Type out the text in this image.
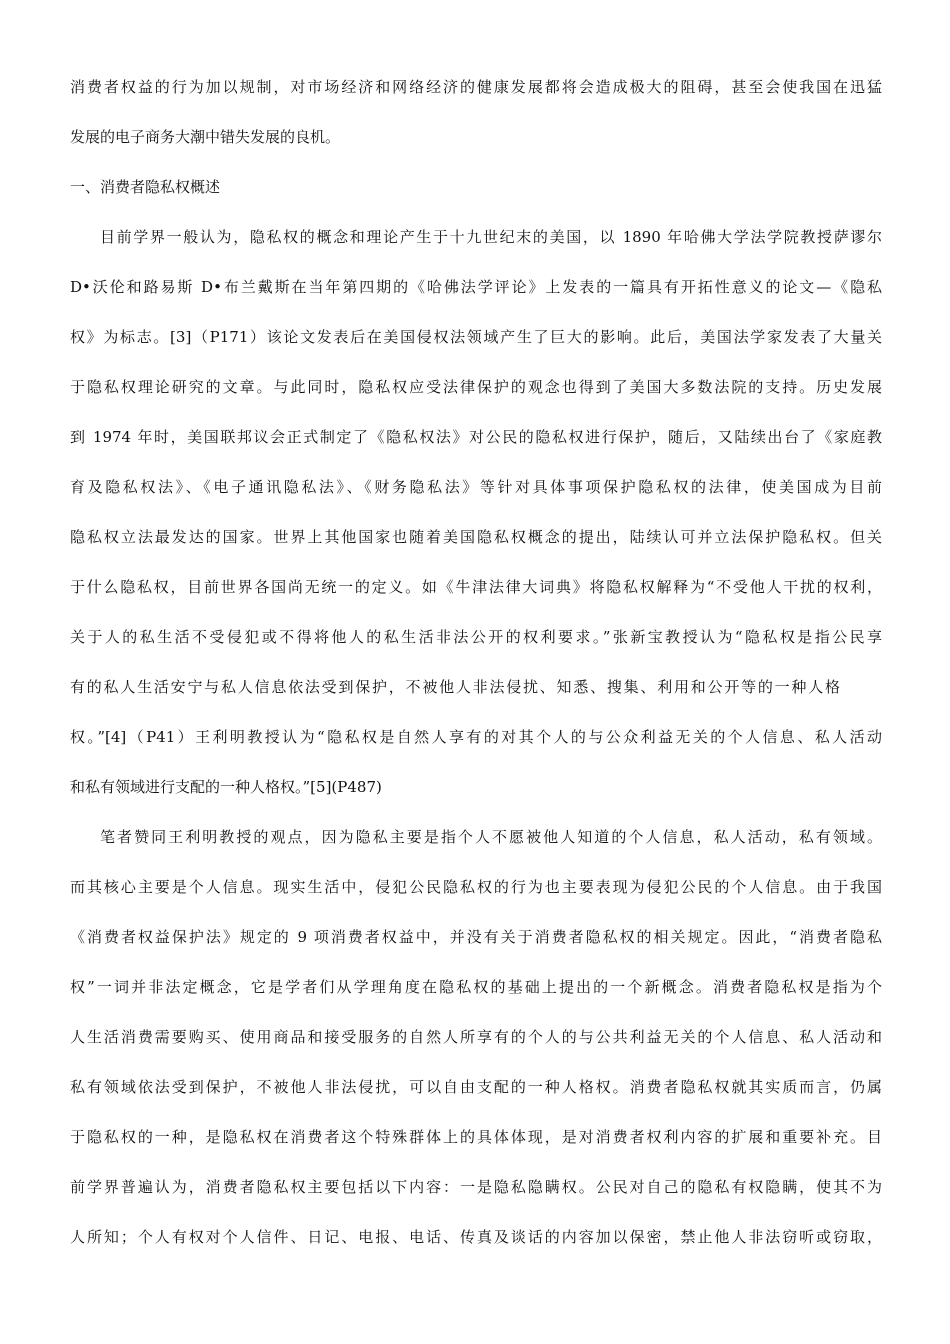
消费者权益的行为加以规制，对市场经济和网络经济的健康发展都将会造成极大的阻碍，甚至会使我国在迅猛
发展的电子商务大潮中错失发展的良机。
一、消费者隐私权概述
目前学界一般认为，隐私权的概念和理论产生于十九世纪末的美国，以 1890 年哈佛大学法学院教授萨谬尔
D•沃伦和路易斯 D•布兰戴斯在当年第四期的《哈佛法学评论》上发表的一篇具有开拓性意义的论文—《隐私
权》为标志。[3]（P171）该论文发表后在美国侵权法领域产生了巨大的影响。此后，美国法学家发表了大量关
于隐私权理论研究的文章。与此同时，隐私权应受法律保护的观念也得到了美国大多数法院的支持。历史发展
到 1974 年时，美国联邦议会正式制定了《隐私权法》对公民的隐私权进行保护，随后，又陆续出台了《家庭教
育及隐私权法》、《电子通讯隐私法》、《财务隐私法》等针对具体事项保护隐私权的法律，使美国成为目前
隐私权立法最发达的国家。世界上其他国家也随着美国隐私权概念的提出，陆续认可并立法保护隐私权。但关
于什么隐私权，目前世界各国尚无统一的定义。如《牛津法律大词典》将隐私权解释为“不受他人干扰的权利，
关于人的私生活不受侵犯或不得将他人的私生活非法公开的权利要求。”张新宝教授认为“隐私权是指公民享
有的私人生活安宁与私人信息依法受到保护，不被他人非法侵扰、知悉、搜集、利用和公开等的一种人格
权。”[4]（P41）王利明教授认为“隐私权是自然人享有的对其个人的与公众利益无关的个人信息、私人活动
和私有领域进行支配的一种人格权。”[5](P487)
笔者赞同王利明教授的观点，因为隐私主要是指个人不愿被他人知道的个人信息，私人活动，私有领域。
而其核心主要是个人信息。现实生活中，侵犯公民隐私权的行为也主要表现为侵犯公民的个人信息。由于我国
《消费者权益保护法》规定的 9 项消费者权益中，并没有关于消费者隐私权的相关规定。因此，“消费者隐私
权”一词并非法定概念，它是学者们从学理角度在隐私权的基础上提出的一个新概念。消费者隐私权是指为个
人生活消费需要购买、使用商品和接受服务的自然人所享有的个人的与公共利益无关的个人信息、私人活动和
私有领域依法受到保护，不被他人非法侵扰，可以自由支配的一种人格权。消费者隐私权就其实质而言，仍属
于隐私权的一种，是隐私权在消费者这个特殊群体上的具体体现，是对消费者权利内容的扩展和重要补充。目
前学界普遍认为，消费者隐私权主要包括以下内容：一是隐私隐瞒权。公民对自己的隐私有权隐瞒，使其不为
人所知；个人有权对个人信件、日记、电报、电话、传真及谈话的内容加以保密，禁止他人非法窃听或窃取，
